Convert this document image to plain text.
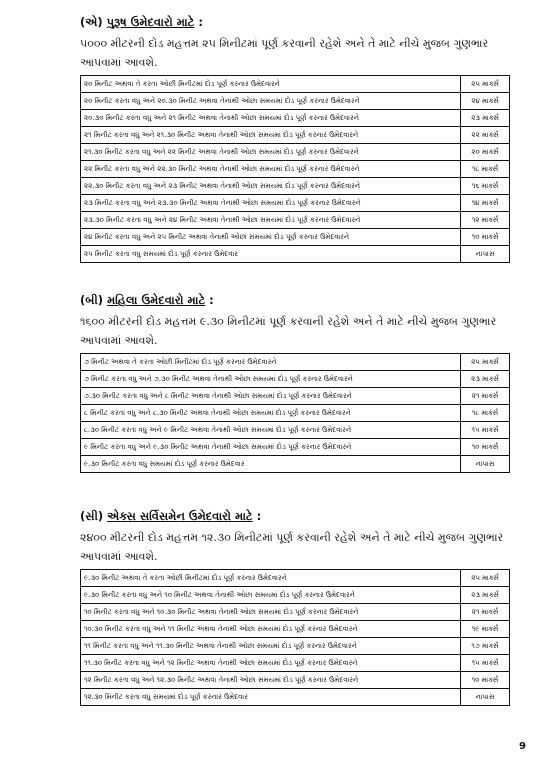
(એ) પુરૂષ ઉમેદવારો માટે :
૫૦૦૦ મીટરની દોડ મહત્તમ ૨૫ મિનીટમાં પૂર્ણ કરવાની રહેશે અને તે માટે નીચે મુજબ ગુણભાર આપવામાં આવશે.
૨૦ મિનીટ અથવા તે કરતા ઓછી મિનીટમાં દોડ પૂર્ણ કરનાર ઉમેદવારને	૨૫ માર્ક્સ
૨૦ મિનીટ કરતા વધુ અને ૨૦.૩૦ મિનીટ અથવા તેનાથી ઓછા સમયમાં દોડ પૂર્ણ કરનાર ઉમેદવારને	૨૪ માર્ક્સ
૨૦.૩૦ મિનીટ કરતા વધુ અને ૨૧ મિનીટ અથવા તેનાથી ઓછા સમયમાં દોડ પૂર્ણ કરનાર ઉમેદવારને	૨૩ માર્ક્સ
૨૧ મિનીટ કરતા વધુ અને ૨૧.૩૦ મિનીટ અથવા તેનાથી ઓછા સમયમાં દોડ પૂર્ણ કરનાર ઉમેદવારને	૨૨ માર્ક્સ
૨૧.૩૦ મિનીટ કરતા વધુ અને ૨૨ મિનીટ અથવા તેનાથી ઓછા સમયમાં દોડ પૂર્ણ કરનાર ઉમેદવારને	૨૦ માર્ક્સ
૨૨ મિનીટ કરતા વધુ અને ૨૨.૩૦ મિનીટ અથવા તેનાથી ઓછા સમયમાં દોડ પૂર્ણ કરનાર ઉમેદવારને	૧૮ માર્ક્સ
૨૨.૩૦ મિનીટ કરતા વધુ અને ૨૩ મિનીટ અથવા તેનાથી ઓછા સમયમાં દોડ પૂર્ણ કરનાર ઉમેદવારને	૧૬ માર્ક્સ
૨૩ મિનીટ કરતા વધુ અને ૨૩.૩૦ મિનીટ અથવા તેનાથી ઓછા સમયમાં દોડ પૂર્ણ કરનાર ઉમેદવારને	૧૪ માર્ક્સ
૨૩.૩૦ મિનીટ કરતા વધુ અને ૨૪ મિનીટ અથવા તેનાથી ઓછા સમયમાં દોડ પૂર્ણ કરનાર ઉમેદવારને	૧૨ માર્ક્સ
૨૪ મિનીટ કરતા વધુ અને ૨૫ મિનીટ અથવા તેનાથી ઓછા સમયમાં દોડ પૂર્ણ કરનાર ઉમેદવારને	૧૦ માર્ક્સ
૨૫ મિનીટ કરતા વધુ સમયમાં દોડ પૂર્ણ કરનાર ઉમેદવાર	નાપાસ
(બી) મહિલા ઉમેદવારો માટે :
૧૬૦૦ મીટરની દોડ મહત્તમ ૯.૩૦ મિનીટમાં પૂર્ણ કરવાની રહેશે અને તે માટે નીચે મુજબ ગુણભાર આપવામાં આવશે.
૭ મિનીટ અથવા તે કરતા ઓછી મિનીટમાં દોડ પૂર્ણ કરનાર ઉમેદવારને	૨૫ માર્ક્સ
૭ મિનીટ કરતા વધુ અને ૭.૩૦ મિનીટ અથવા તેનાથી ઓછા સમયમાં દોડ પૂર્ણ કરનાર ઉમેદવારને	૨૩ માર્ક્સ
૭.૩૦ મિનીટ કરતા વધુ અને ૮ મિનીટ અથવા તેનાથી ઓછા સમયમાં દોડ પૂર્ણ કરનાર ઉમેદવારને	૨૧ માર્ક્સ
૮ મિનીટ કરતા વધુ અને ૮.૩૦ મિનીટ અથવા તેનાથી ઓછા સમયમાં દોડ પૂર્ણ કરનાર ઉમેદવારને	૧૮ માર્ક્સ
૮.૩૦ મિનીટ કરતા વધુ અને ૯ મિનીટ અથવા તેનાથી ઓછા સમયમાં દોડ પૂર્ણ કરનાર ઉમેદવારને	૧૫ માર્ક્સ
૯ મિનીટ કરતા વધુ અને ૯.૩૦ મિનીટ અથવા તેનાથી ઓછા સમયમાં દોડ પૂર્ણ કરનાર ઉમેદવારને	૧૦ માર્ક્સ
૯.૩૦ મિનીટ કરતા વધુ સમયમાં દોડ પૂર્ણ કરનાર ઉમેદવાર	નાપાસ
(સી) એક્સ સર્વિસમેન ઉમેદવારો માટે :
૨૪૦૦ મીટરની દોડ મહત્તમ ૧૨.૩૦ મિનીટમાં પૂર્ણ કરવાની રહેશે અને તે માટે નીચે મુજબ ગુણભાર આપવામાં આવશે.
૯.૩૦ મિનીટ અથવા તે કરતા ઓછી મિનીટમાં દોડ પૂર્ણ કરનાર ઉમેદવારને	૨૫ માર્ક્સ
૯.૩૦ મિનીટ કરતા વધુ અને ૧૦ મિનીટ અથવા તેનાથી ઓછા સમયમાં દોડ પૂર્ણ કરનાર ઉમેદવારને	૨૩ માર્ક્સ
૧૦ મિનીટ કરતા વધુ અને ૧૦.૩૦ મિનીટ અથવા તેનાથી ઓછા સમયમાં દોડ પૂર્ણ કરનાર ઉમેદવારને	૨૧ માર્ક્સ
૧૦.૩૦ મિનીટ કરતા વધુ અને ૧૧ મિનીટ અથવા તેનાથી ઓછા સમયમાં દોડ પૂર્ણ કરનાર ઉમેદવારને	૧૯ માર્ક્સ
૧૧ મિનીટ કરતા વધુ અને ૧૧.૩૦ મિનીટ અથવા તેનાથી ઓછા સમયમાં દોડ પૂર્ણ કરનાર ઉમેદવારને	૧૭ માર્ક્સ
૧૧.૩૦ મિનીટ કરતા વધુ અને ૧૨ મિનીટ અથવા તેનાથી ઓછા સમયમાં દોડ પૂર્ણ કરનાર ઉમેદવારને	૧૫ માર્ક્સ
૧૨ મિનીટ કરતા વધુ અને ૧૨.૩૦ મિનીટ અથવા તેનાથી ઓછા સમયમાં દોડ પૂર્ણ કરનાર ઉમેદવારને	૧૦ માર્ક્સ
૧૨.૩૦ મિનીટ કરતા વધુ સમયમાં દોડ પૂર્ણ કરનાર ઉમેદવાર	નાપાસ
9
